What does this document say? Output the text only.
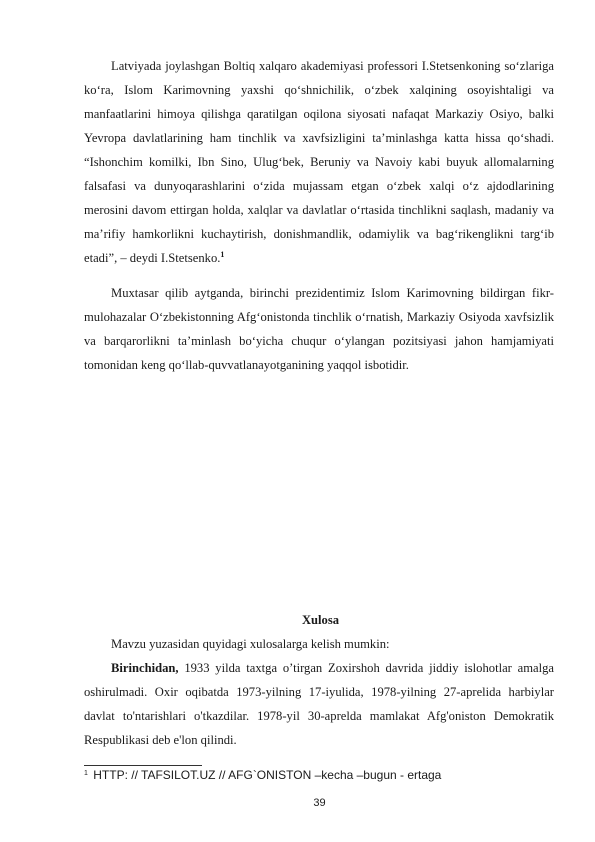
Latviyada joylashgan Boltiq xalqaro akademiyasi professori I.Stetsenkoning so‘zlariga ko‘ra, Islom Karimovning yaxshi qo‘shnichilik, o‘zbek xalqining osoyishtaligi va manfaatlarini himoya qilishga qaratilgan oqilona siyosati nafaqat Markaziy Osiyo, balki Yevropa davlatlarining ham tinchlik va xavfsizligini ta’minlashga katta hissa qo‘shadi. “Ishonchim komilki, Ibn Sino, Ulug‘bek, Beruniy va Navoiy kabi buyuk allomalarning falsafasi va dunyoqarashlarini o‘zida mujassam etgan o‘zbek xalqi o‘z ajdodlarining merosini davom ettirgan holda, xalqlar va davlatlar o‘rtasida tinchlikni saqlash, madaniy va ma’rifiy hamkorlikni kuchaytirish, donishmandlik, odamiylik va bag‘rikenglikni targ‘ib etadi”, – deydi I.Stetsenko.$^1$

Muxtasar qilib aytganda, birinchi prezidentimiz Islom Karimovning bildirgan fikr-mulohazalar O‘zbekistonning Afg‘onistonda tinchlik o‘rnatish, Markaziy Osiyoda xavfsizlik va barqarorlikni ta’minlash bo‘yicha chuqur o‘ylangan pozitsiyasi jahon hamjamiyati tomonidan keng qo‘llab-quvvatlanayotganining yaqqol isbotidir.

Xulosa
Mavzu yuzasidan quyidagi xulosalarga kelish mumkin:

Birinchidan, 1933 yilda taxtga o’tirgan Zoxirshoh davrida jiddiy islohotlar amalga oshirulmadi. Oxir oqibatda 1973-yilning 17-iyulida, 1978-yilning 27-aprelida harbiylar davlat to'ntarishlari o'tkazdilar. 1978-yil 30-aprelda mamlakat Afg'oniston Demokratik Respublikasi deb e'lon qilindi.

$^1$ HTTP: // TAFSILOT.UZ // AFG`ONISTON –kecha –bugun - ertaga
39
